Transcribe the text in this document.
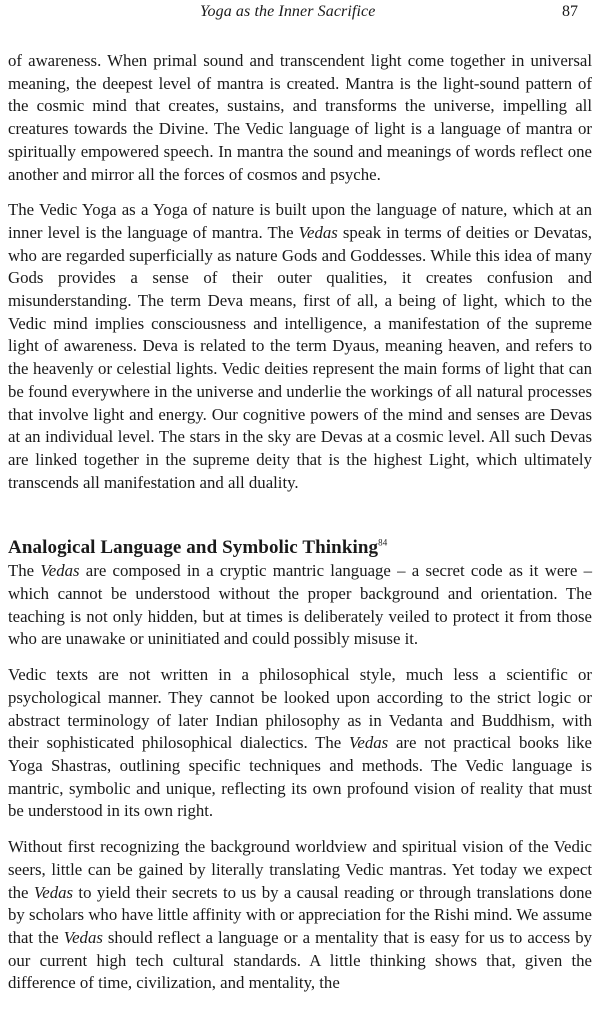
Yoga as the Inner Sacrifice	87

of awareness. When primal sound and transcendent light come together in universal meaning, the deepest level of mantra is created. Mantra is the light-sound pattern of the cosmic mind that creates, sustains, and transforms the universe, impelling all creatures towards the Divine. The Vedic language of light is a language of mantra or spiritually empowered speech. In mantra the sound and meanings of words reflect one another and mirror all the forces of cosmos and psyche.

The Vedic Yoga as a Yoga of nature is built upon the language of nature, which at an inner level is the language of mantra. The Vedas speak in terms of deities or Devatas, who are regarded superficially as nature Gods and Goddesses. While this idea of many Gods provides a sense of their outer qualities, it creates confusion and misunderstanding. The term Deva means, first of all, a being of light, which to the Vedic mind implies consciousness and intelligence, a manifestation of the supreme light of awareness. Deva is related to the term Dyaus, meaning heaven, and refers to the heavenly or celestial lights. Vedic deities represent the main forms of light that can be found everywhere in the universe and underlie the workings of all natural processes that involve light and energy. Our cognitive powers of the mind and senses are Devas at an individual level. The stars in the sky are Devas at a cosmic level. All such Devas are linked together in the supreme deity that is the highest Light, which ultimately transcends all manifestation and all duality.

Analogical Language and Symbolic Thinking$^{84}$

The Vedas are composed in a cryptic mantric language – a secret code as it were – which cannot be understood without the proper background and orientation. The teaching is not only hidden, but at times is deliberately veiled to protect it from those who are unawake or uninitiated and could possibly misuse it.

Vedic texts are not written in a philosophical style, much less a scientific or psychological manner. They cannot be looked upon according to the strict logic or abstract terminology of later Indian philosophy as in Vedanta and Buddhism, with their sophisticated philosophical dialectics. The Vedas are not practical books like Yoga Shastras, outlining specific techniques and methods. The Vedic language is mantric, symbolic and unique, reflecting its own profound vision of reality that must be understood in its own right.

Without first recognizing the background worldview and spiritual vision of the Vedic seers, little can be gained by literally translating Vedic mantras. Yet today we expect the Vedas to yield their secrets to us by a causal reading or through translations done by scholars who have little affinity with or appreciation for the Rishi mind. We assume that the Vedas should reflect a language or a mentality that is easy for us to access by our current high tech cultural standards. A little thinking shows that, given the difference of time, civilization, and mentality, the
